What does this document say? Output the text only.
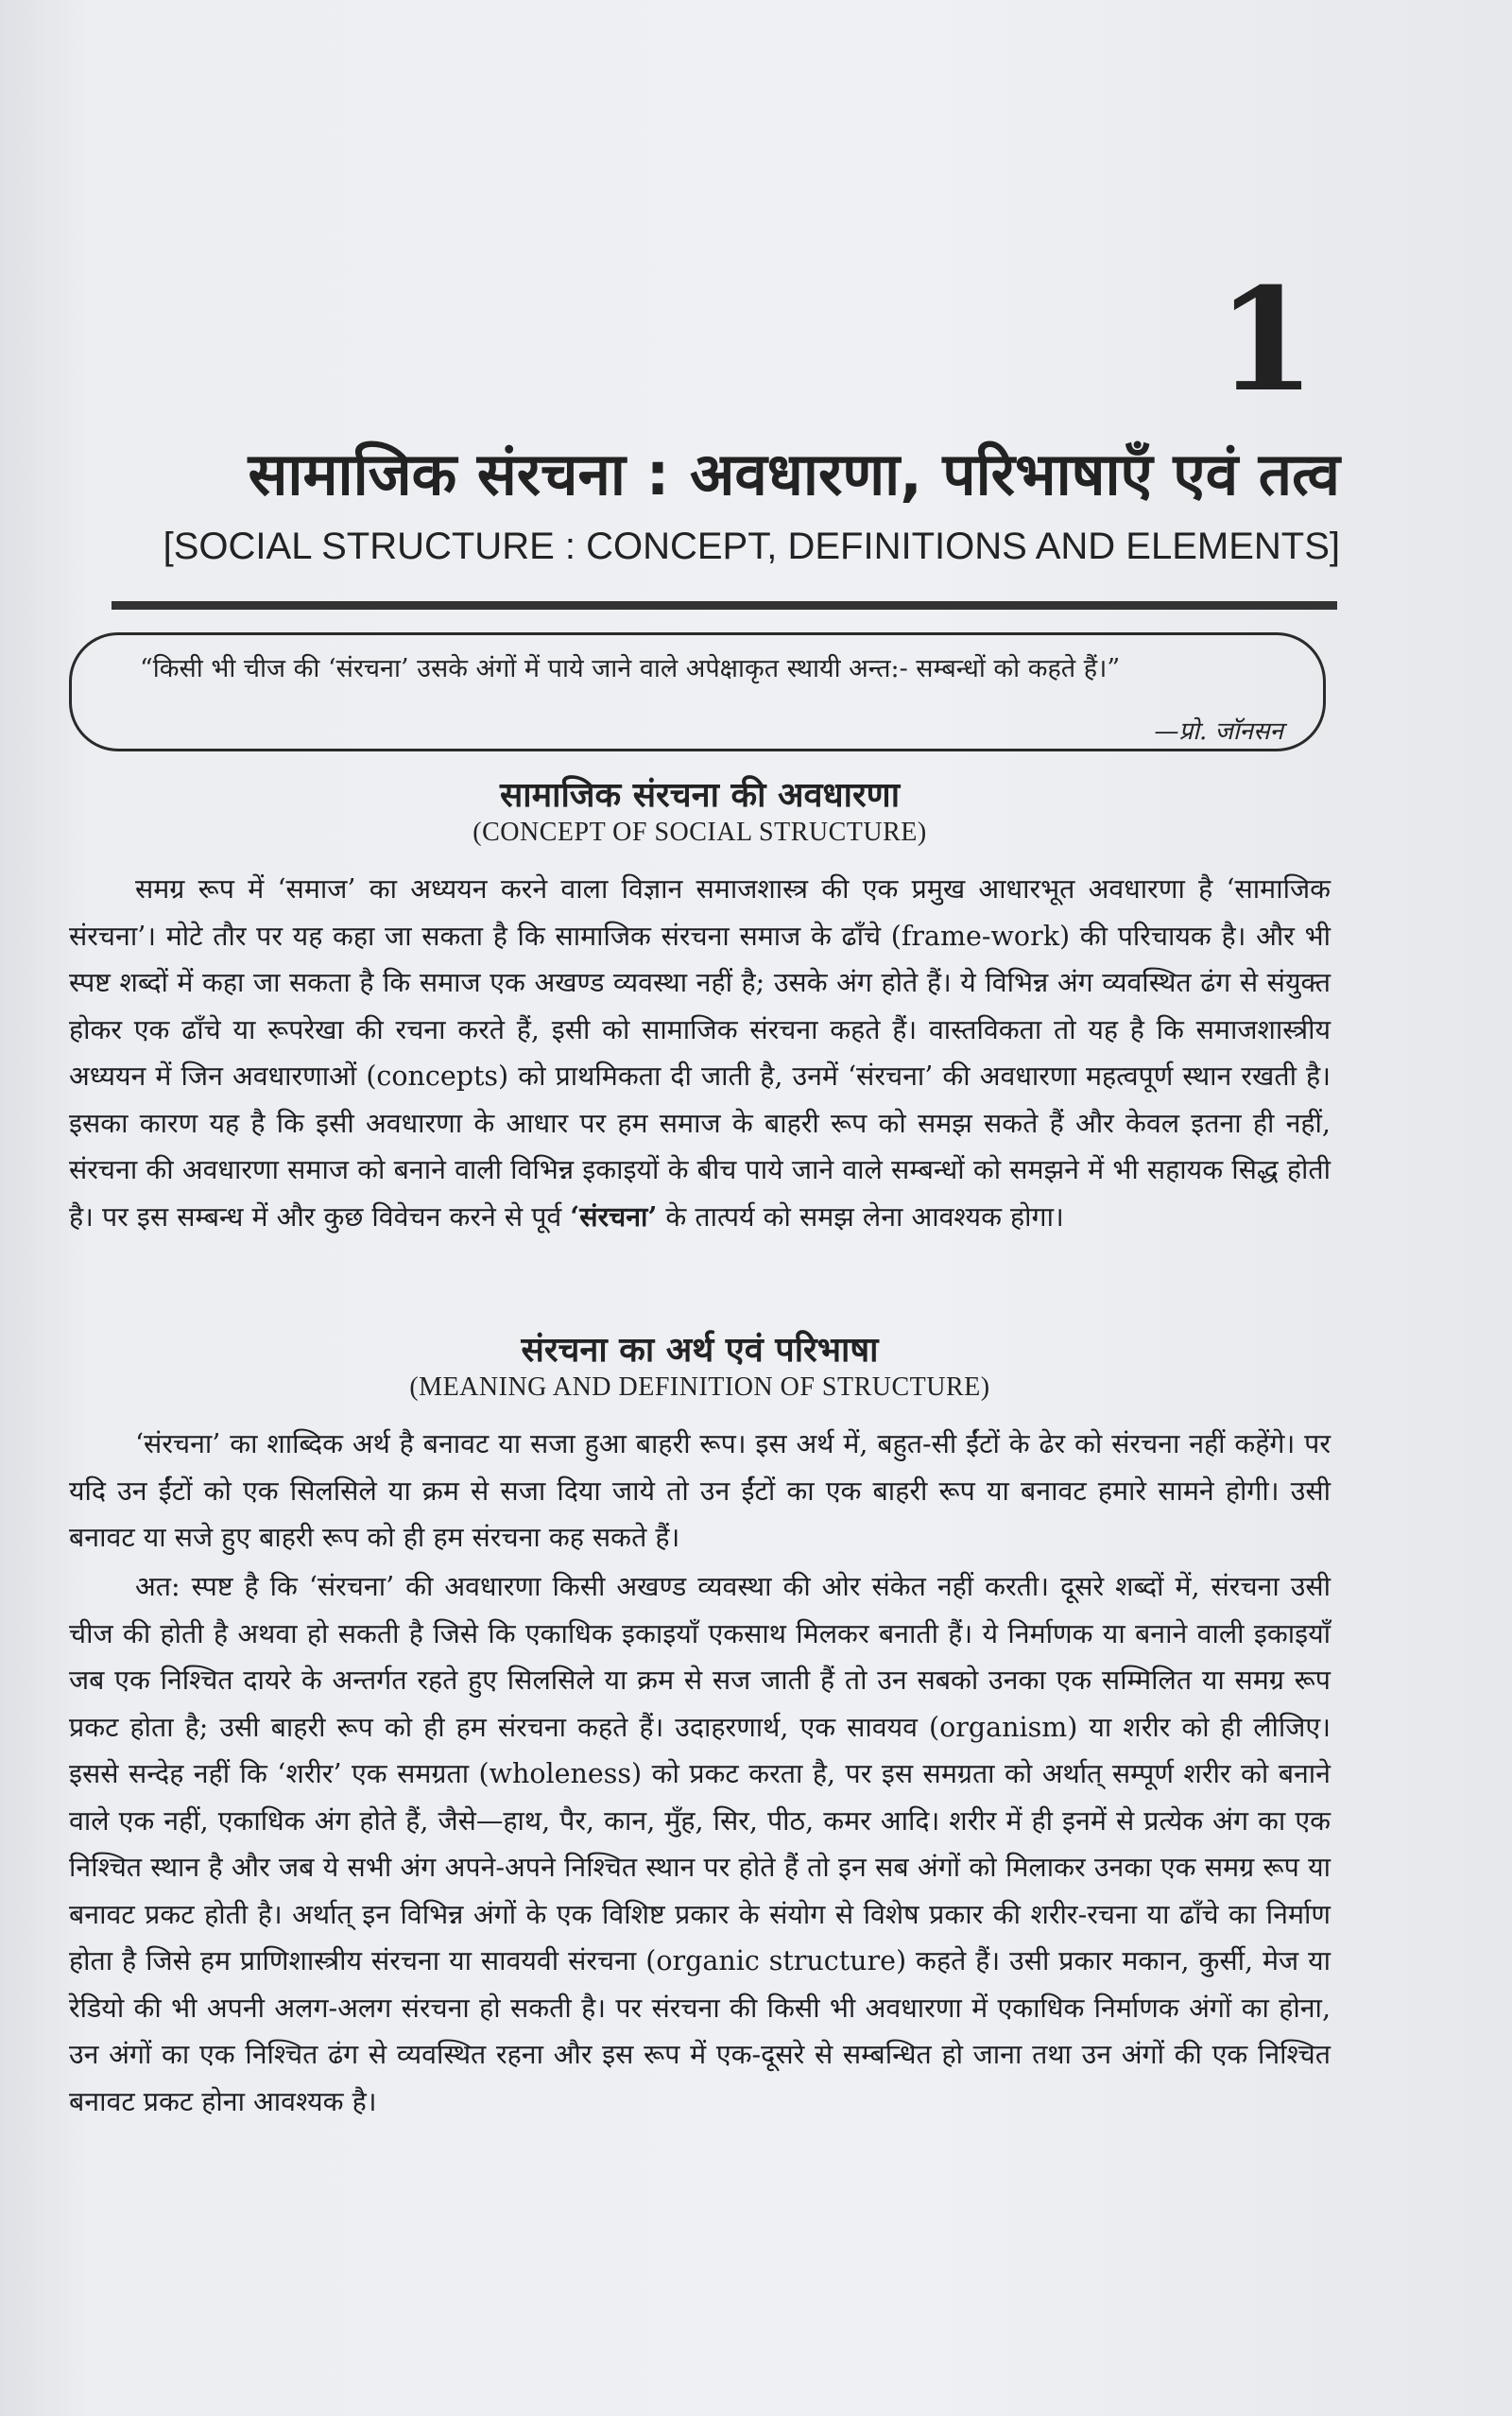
1
सामाजिक संरचना : अवधारणा, परिभाषाएँ एवं तत्व
[SOCIAL STRUCTURE : CONCEPT, DEFINITIONS AND ELEMENTS]
“किसी भी चीज की ‘संरचना’ उसके अंगों में पाये जाने वाले अपेक्षाकृत स्थायी अन्त:- सम्बन्धों को कहते हैं।”
—प्रो. जॉनसन
सामाजिक संरचना की अवधारणा
(CONCEPT OF SOCIAL STRUCTURE)

समग्र रूप में ‘समाज’ का अध्ययन करने वाला विज्ञान समाजशास्त्र की एक प्रमुख आधारभूत अवधारणा है ‘सामाजिक संरचना’। मोटे तौर पर यह कहा जा सकता है कि सामाजिक संरचना समाज के ढाँचे (frame-work) की परिचायक है। और भी स्पष्ट शब्दों में कहा जा सकता है कि समाज एक अखण्ड व्यवस्था नहीं है; उसके अंग होते हैं। ये विभिन्न अंग व्यवस्थित ढंग से संयुक्त होकर एक ढाँचे या रूपरेखा की रचना करते हैं, इसी को सामाजिक संरचना कहते हैं। वास्तविकता तो यह है कि समाजशास्त्रीय अध्ययन में जिन अवधारणाओं (concepts) को प्राथमिकता दी जाती है, उनमें ‘संरचना’ की अवधारणा महत्वपूर्ण स्थान रखती है। इसका कारण यह है कि इसी अवधारणा के आधार पर हम समाज के बाहरी रूप को समझ सकते हैं और केवल इतना ही नहीं, संरचना की अवधारणा समाज को बनाने वाली विभिन्न इकाइयों के बीच पाये जाने वाले सम्बन्धों को समझने में भी सहायक सिद्ध होती है। पर इस सम्बन्ध में और कुछ विवेचन करने से पूर्व ‘संरचना’ के तात्पर्य को समझ लेना आवश्यक होगा।

संरचना का अर्थ एवं परिभाषा
(MEANING AND DEFINITION OF STRUCTURE)

‘संरचना’ का शाब्दिक अर्थ है बनावट या सजा हुआ बाहरी रूप। इस अर्थ में, बहुत-सी ईंटों के ढेर को संरचना नहीं कहेंगे। पर यदि उन ईंटों को एक सिलसिले या क्रम से सजा दिया जाये तो उन ईंटों का एक बाहरी रूप या बनावट हमारे सामने होगी। उसी बनावट या सजे हुए बाहरी रूप को ही हम संरचना कह सकते हैं।

अत: स्पष्ट है कि ‘संरचना’ की अवधारणा किसी अखण्ड व्यवस्था की ओर संकेत नहीं करती। दूसरे शब्दों में, संरचना उसी चीज की होती है अथवा हो सकती है जिसे कि एकाधिक इकाइयाँ एकसाथ मिलकर बनाती हैं। ये निर्माणक या बनाने वाली इकाइयाँ जब एक निश्चित दायरे के अन्तर्गत रहते हुए सिलसिले या क्रम से सज जाती हैं तो उन सबको उनका एक सम्मिलित या समग्र रूप प्रकट होता है; उसी बाहरी रूप को ही हम संरचना कहते हैं। उदाहरणार्थ, एक सावयव (organism) या शरीर को ही लीजिए। इससे सन्देह नहीं कि ‘शरीर’ एक समग्रता (wholeness) को प्रकट करता है, पर इस समग्रता को अर्थात् सम्पूर्ण शरीर को बनाने वाले एक नहीं, एकाधिक अंग होते हैं, जैसे—हाथ, पैर, कान, मुँह, सिर, पीठ, कमर आदि। शरीर में ही इनमें से प्रत्येक अंग का एक निश्चित स्थान है और जब ये सभी अंग अपने-अपने निश्चित स्थान पर होते हैं तो इन सब अंगों को मिलाकर उनका एक समग्र रूप या बनावट प्रकट होती है। अर्थात् इन विभिन्न अंगों के एक विशिष्ट प्रकार के संयोग से विशेष प्रकार की शरीर-रचना या ढाँचे का निर्माण होता है जिसे हम प्राणिशास्त्रीय संरचना या सावयवी संरचना (organic structure) कहते हैं। उसी प्रकार मकान, कुर्सी, मेज या रेडियो की भी अपनी अलग-अलग संरचना हो सकती है। पर संरचना की किसी भी अवधारणा में एकाधिक निर्माणक अंगों का होना, उन अंगों का एक निश्चित ढंग से व्यवस्थित रहना और इस रूप में एक-दूसरे से सम्बन्धित हो जाना तथा उन अंगों की एक निश्चित बनावट प्रकट होना आवश्यक है।
